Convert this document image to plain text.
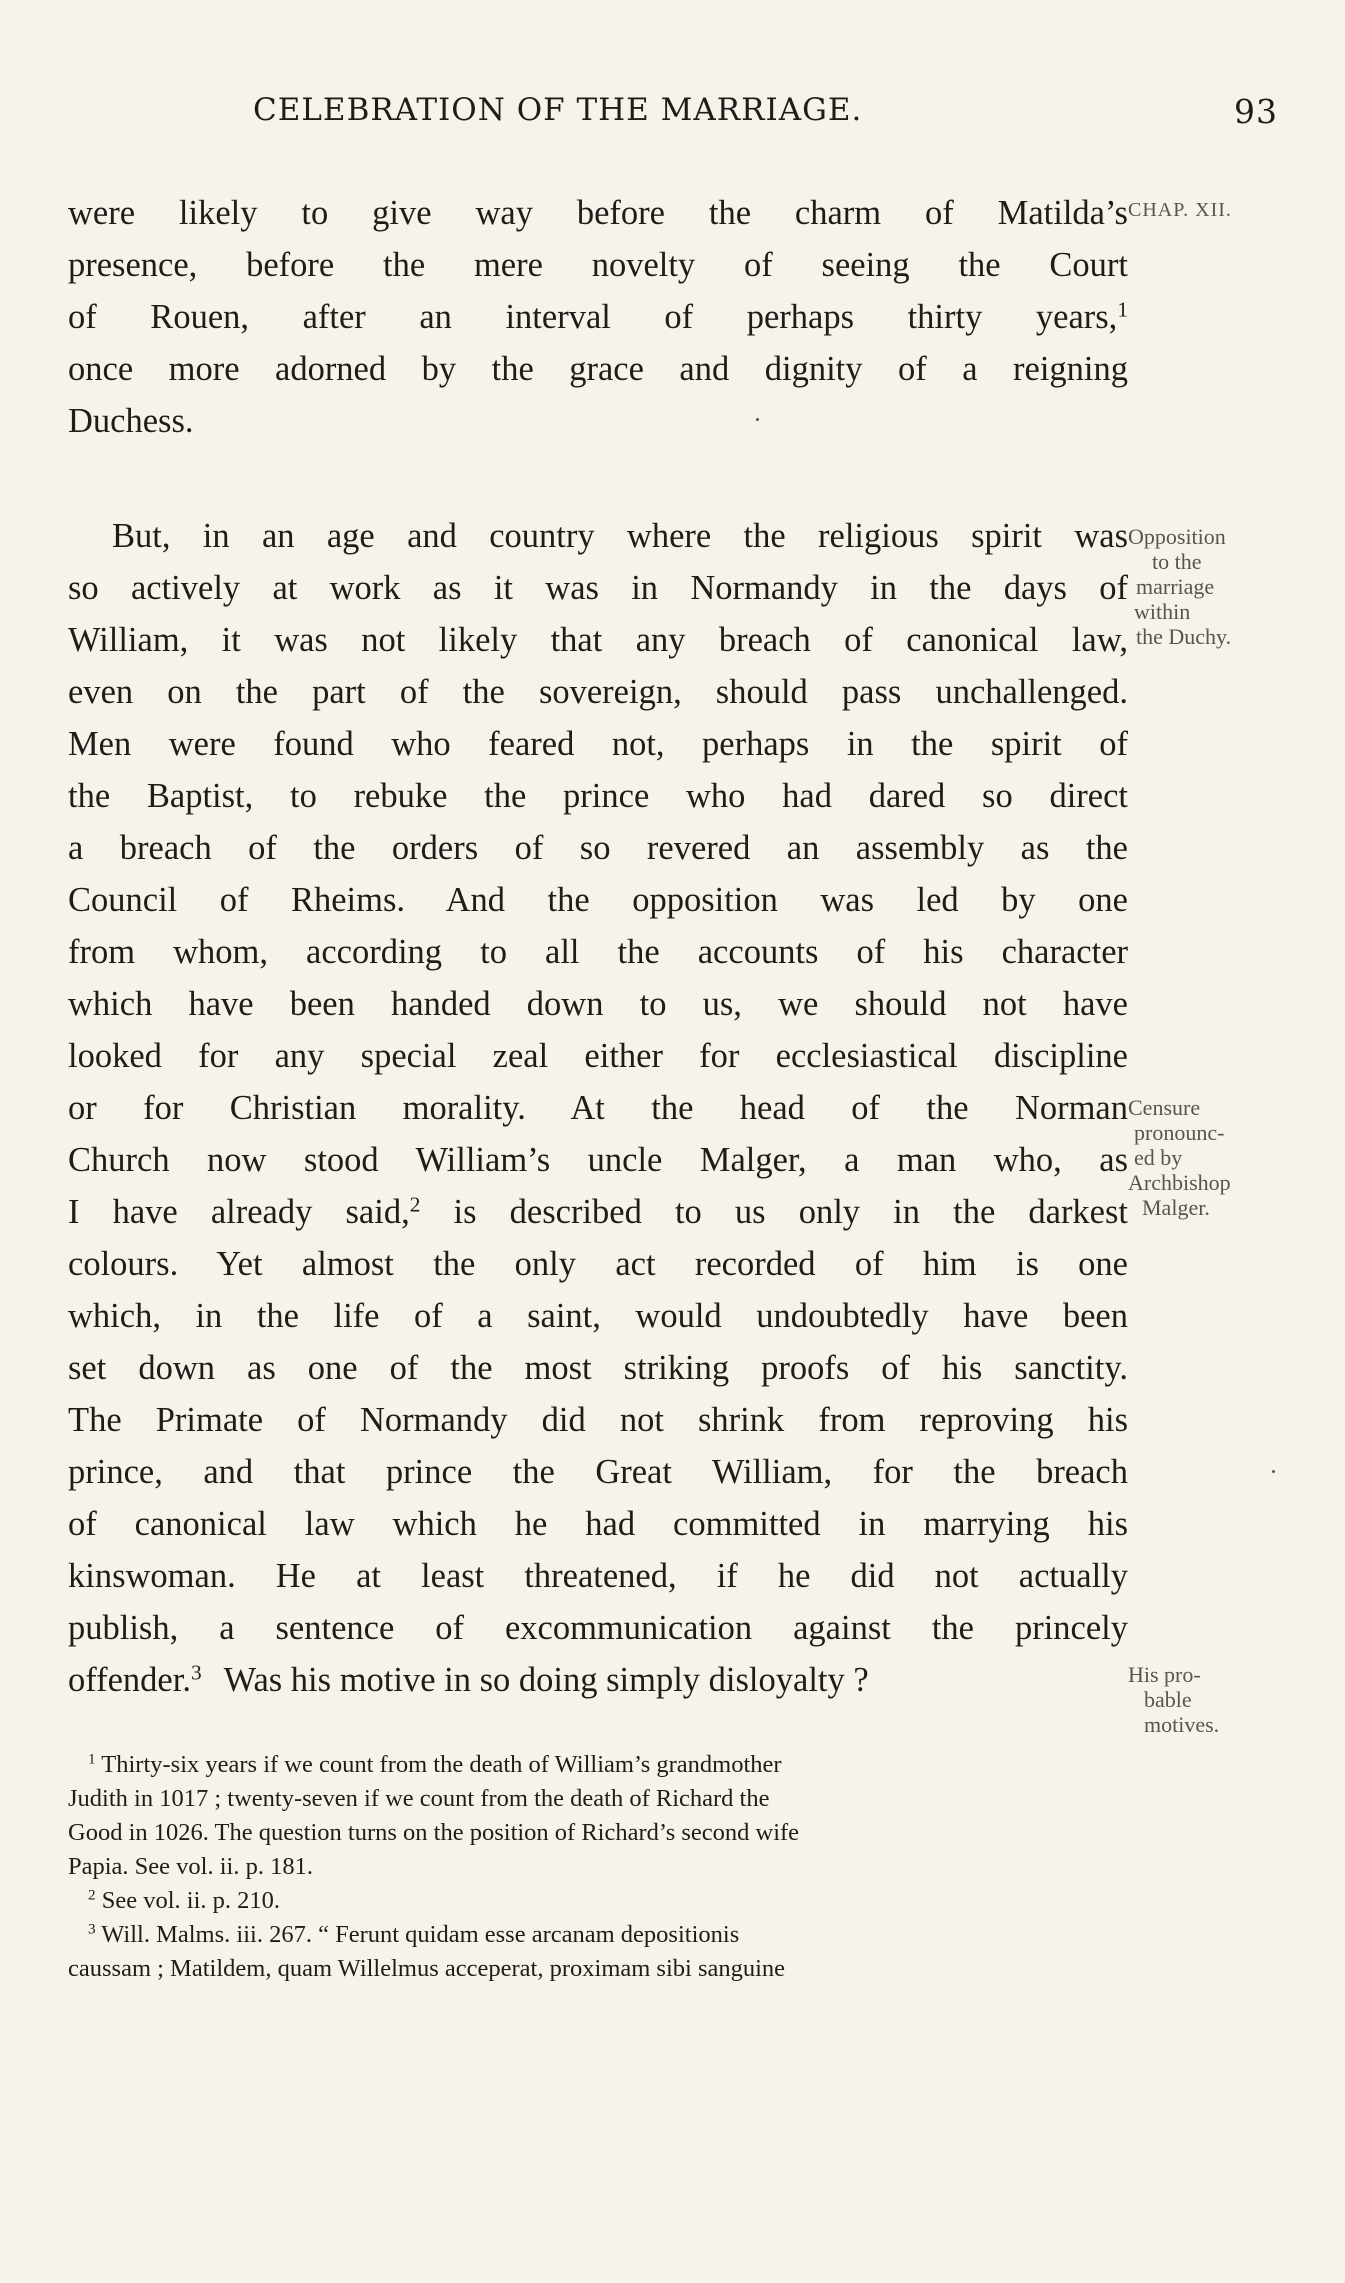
CELEBRATION OF THE MARRIAGE.	93
were likely to give way before the charm of Matilda’s
presence, before the mere novelty of seeing the Court
of Rouen, after an interval of perhaps thirty years,$^1$
once more adorned by the grace and dignity of a reigning
Duchess.
But, in an age and country where the religious spirit was
so actively at work as it was in Normandy in the days of
William, it was not likely that any breach of canonical law,
even on the part of the sovereign, should pass unchallenged.
Men were found who feared not, perhaps in the spirit of
the Baptist, to rebuke the prince who had dared so direct
a breach of the orders of so revered an assembly as the
Council of Rheims. And the opposition was led by one
from whom, according to all the accounts of his character
which have been handed down to us, we should not have
looked for any special zeal either for ecclesiastical discipline
or for Christian morality. At the head of the Norman
Church now stood William’s uncle Malger, a man who, as
I have already said,$^2$ is described to us only in the darkest
colours. Yet almost the only act recorded of him is one
which, in the life of a saint, would undoubtedly have been
set down as one of the most striking proofs of his sanctity.
The Primate of Normandy did not shrink from reproving his
prince, and that prince the Great William, for the breach
of canonical law which he had committed in marrying his
kinswoman. He at least threatened, if he did not actually
publish, a sentence of excommunication against the princely
offender.$^3$ Was his motive in so doing simply disloyalty ?
CHAP. XII.
Opposition
to the
marriage
within
the Duchy.
Censure
pronounc-
ed by
Archbishop
Malger.
His pro-
bable
motives.
$^1$ Thirty-six years if we count from the death of William’s grandmother
Judith in 1017 ; twenty-seven if we count from the death of Richard the
Good in 1026. The question turns on the position of Richard’s second wife
Papia. See vol. ii. p. 181.
$^2$ See vol. ii. p. 210.
$^3$ Will. Malms. iii. 267. “ Ferunt quidam esse arcanam depositionis
caussam ; Matildem, quam Willelmus acceperat, proximam sibi sanguine
